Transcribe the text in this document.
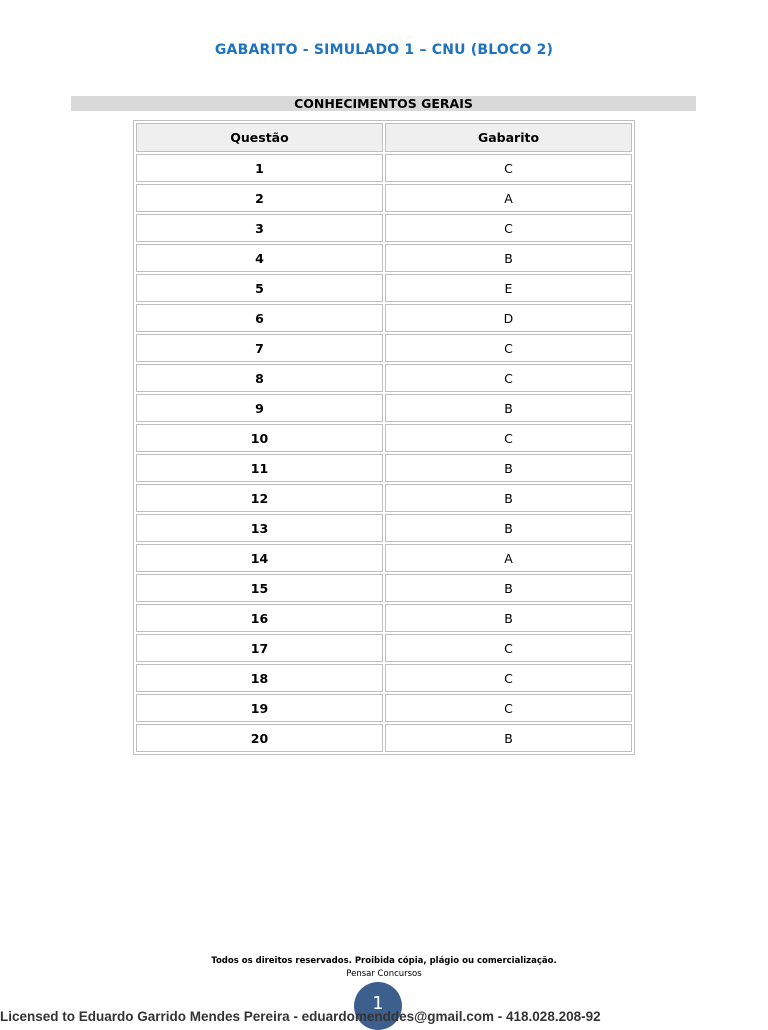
GABARITO - SIMULADO 1 – CNU (BLOCO 2)
CONHECIMENTOS GERAIS
Questão	Gabarito
1	C
2	A
3	C
4	B
5	E
6	D
7	C
8	C
9	B
10	C
11	B
12	B
13	B
14	A
15	B
16	B
17	C
18	C
19	C
20	B
Todos os direitos reservados. Proibida cópia, plágio ou comercialização.
Pensar Concursos
1
Licensed to Eduardo Garrido Mendes Pereira - eduardomenddes@gmail.com - 418.028.208-92
